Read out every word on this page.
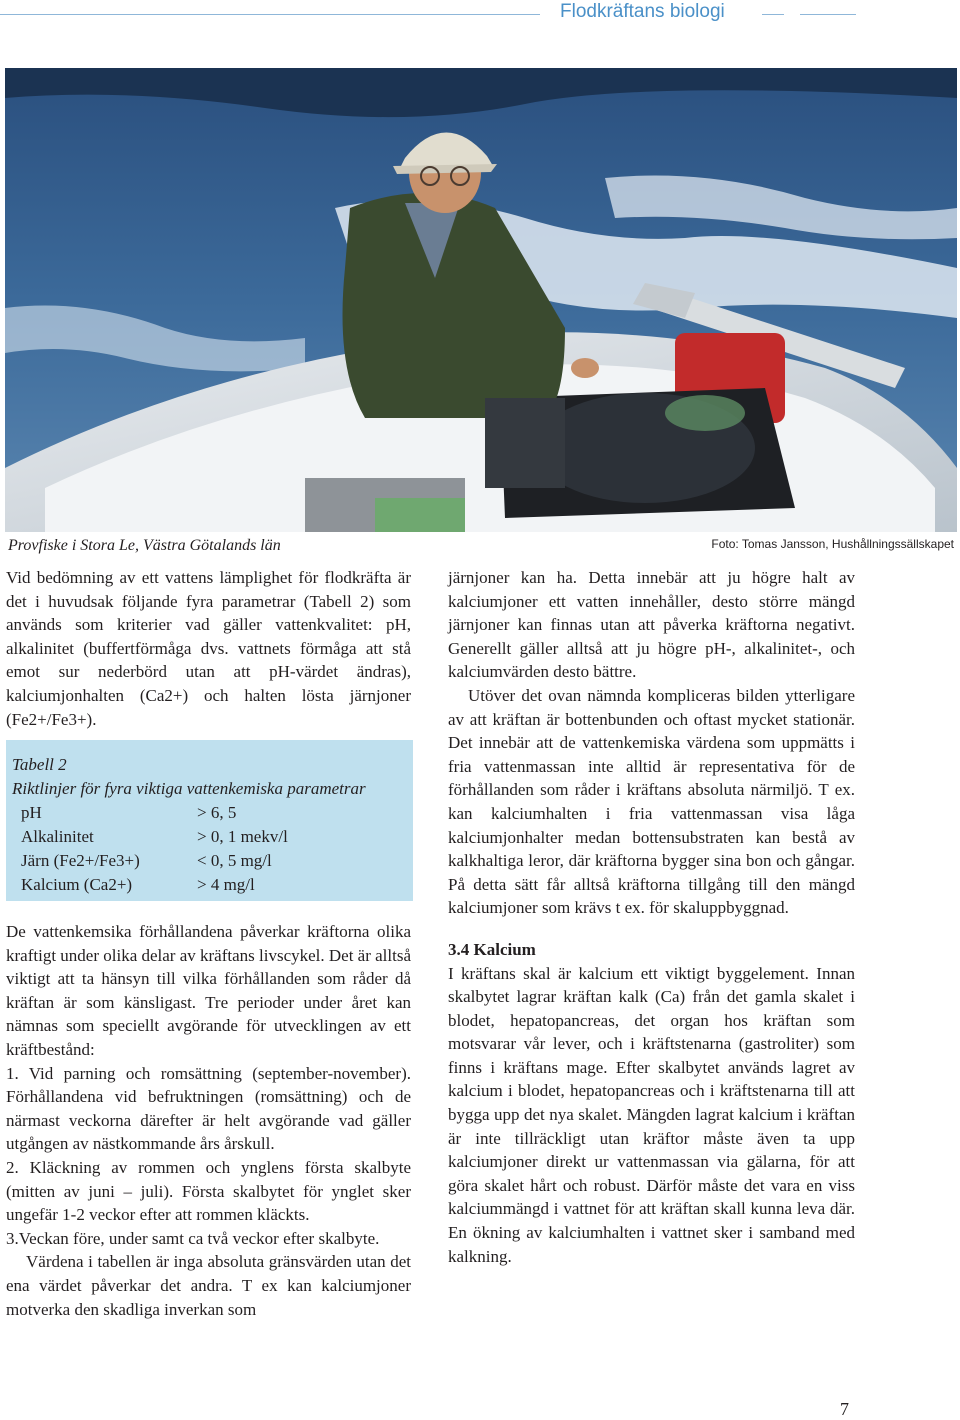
Flodkräftans biologi
Provfiske i Stora Le, Västra Götalands län	Foto: Tomas Jansson, Hushållningssällskapet

Vid bedömning av ett vattens lämplighet för flodkräfta är det i huvudsak följande fyra parametrar (Tabell 2) som används som kriterier vad gäller vattenkvalitet: pH, alkalinitet (buffertförmåga dvs. vattnets förmåga att stå emot sur nederbörd utan att pH-värdet ändras), kalciumjonhalten (Ca2+) och halten lösta järnjoner (Fe2+/Fe3+).

Tabell 2
Riktlinjer för fyra viktiga vattenkemiska parametrar
pH	> 6, 5
Alkalinitet	> 0, 1 mekv/l
Järn (Fe2+/Fe3+)	< 0, 5 mg/l
Kalcium (Ca2+)	> 4 mg/l

De vattenkemsika förhållandena påverkar kräftorna olika kraftigt under olika delar av kräftans livscykel. Det är alltså viktigt att ta hänsyn till vilka förhållanden som råder då kräftan är som känsligast. Tre perioder under året kan nämnas som speciellt avgörande för utvecklingen av ett kräftbestånd:

1. Vid parning och romsättning (september-november). Förhållandena vid befruktningen (romsättning) och de närmast veckorna därefter är helt avgörande vad gäller utgången av nästkommande års årskull.

2. Kläckning av rommen och ynglens första skalbyte (mitten av juni – juli). Första skalbytet för ynglet sker ungefär 1-2 veckor efter att rommen kläckts.

3.Veckan före, under samt ca två veckor efter skalbyte.

Värdena i tabellen är inga absoluta gränsvärden utan det ena värdet påverkar det andra. T ex kan kalciumjoner motverka den skadliga inverkan som

järnjoner kan ha. Detta innebär att ju högre halt av kalciumjoner ett vatten innehåller, desto större mängd järnjoner kan finnas utan att påverka kräftorna negativt. Generellt gäller alltså att ju högre pH-, alkalinitet-, och kalciumvärden desto bättre.

Utöver det ovan nämnda kompliceras bilden ytterligare av att kräftan är bottenbunden och oftast mycket stationär. Det innebär att de vattenkemiska värdena som uppmätts i fria vattenmassan inte alltid är representativa för de förhållanden som råder i kräftans absoluta närmiljö. T ex. kan kalciumhalten i fria vattenmassan visa låga kalciumjonhalter medan bottensubstraten kan bestå av kalkhaltiga leror, där kräftorna bygger sina bon och gångar. På detta sätt får alltså kräftorna tillgång till den mängd kalciumjoner som krävs t ex. för skaluppbyggnad.

3.4 Kalcium

I kräftans skal är kalcium ett viktigt byggelement. Innan skalbytet lagrar kräftan kalk (Ca) från det gamla skalet i blodet, hepatopancreas, det organ hos kräftan som motsvarar vår lever, och i kräftstenarna (gastroliter) som finns i kräftans mage. Efter skalbytet används lagret av kalcium i blodet, hepatopancreas och i kräftstenarna till att bygga upp det nya skalet. Mängden lagrat kalcium i kräftan är inte tillräckligt utan kräftor måste även ta upp kalciumjoner direkt ur vattenmassan via gälarna, för att göra skalet hårt och robust. Därför måste det vara en viss kalciummängd i vattnet för att kräftan skall kunna leva där. En ökning av kalciumhalten i vattnet sker i samband med kalkning.

7
